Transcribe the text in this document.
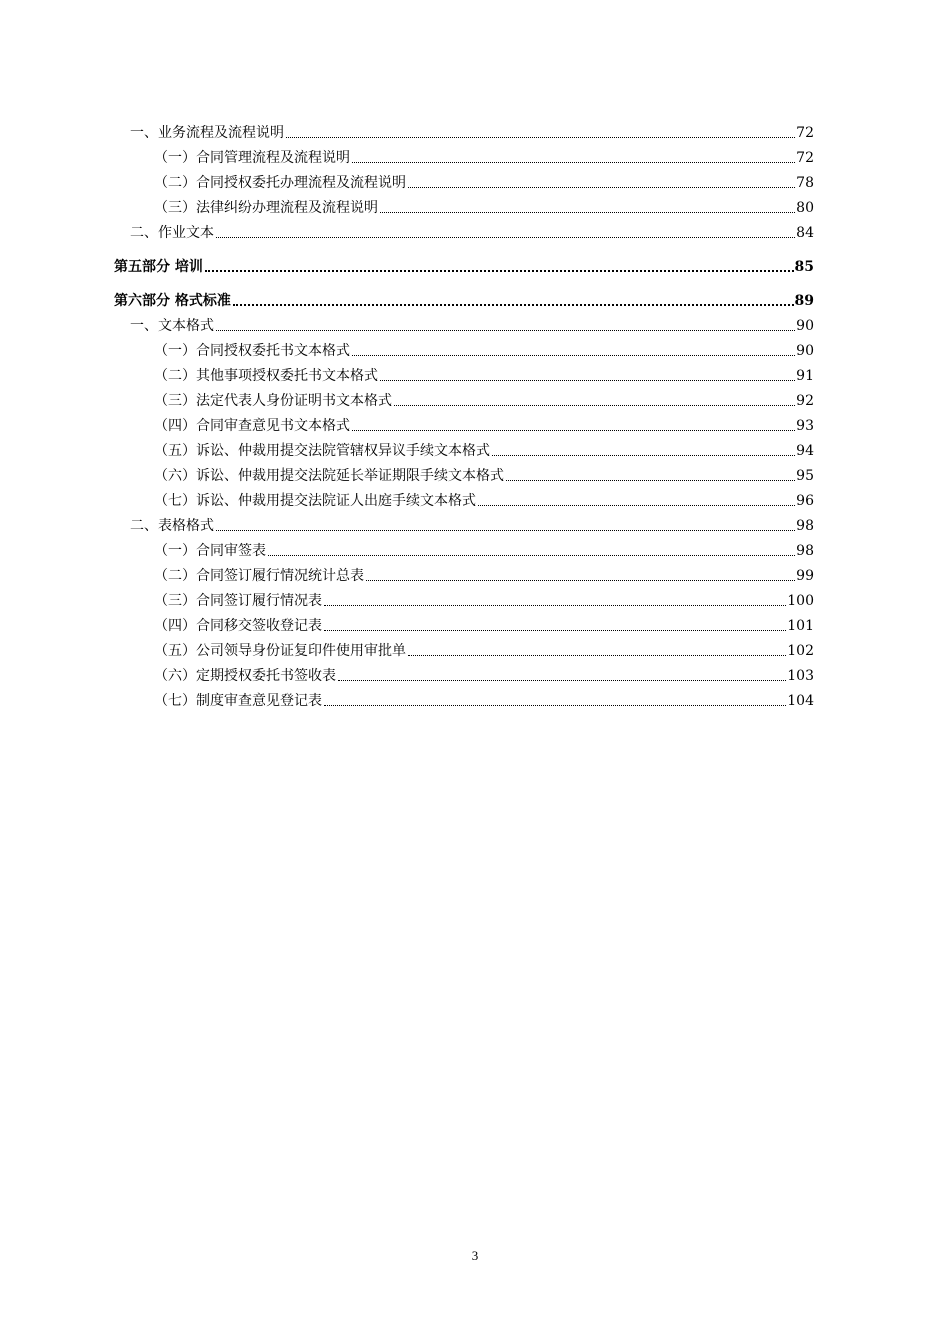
一、业务流程及流程说明	72
（一）合同管理流程及流程说明	72
（二）合同授权委托办理流程及流程说明	78
（三）法律纠纷办理流程及流程说明	80
二、作业文本	84
第五部分 培训	85
第六部分 格式标准	89
一、文本格式	90
（一）合同授权委托书文本格式	90
（二）其他事项授权委托书文本格式	91
（三）法定代表人身份证明书文本格式	92
（四）合同审查意见书文本格式	93
（五）诉讼、仲裁用提交法院管辖权异议手续文本格式	94
（六）诉讼、仲裁用提交法院延长举证期限手续文本格式	95
（七）诉讼、仲裁用提交法院证人出庭手续文本格式	96
二、表格格式	98
（一）合同审签表	98
（二）合同签订履行情况统计总表	99
（三）合同签订履行情况表	100
（四）合同移交签收登记表	101
（五）公司领导身份证复印件使用审批单	102
（六）定期授权委托书签收表	103
（七）制度审查意见登记表	104
3
